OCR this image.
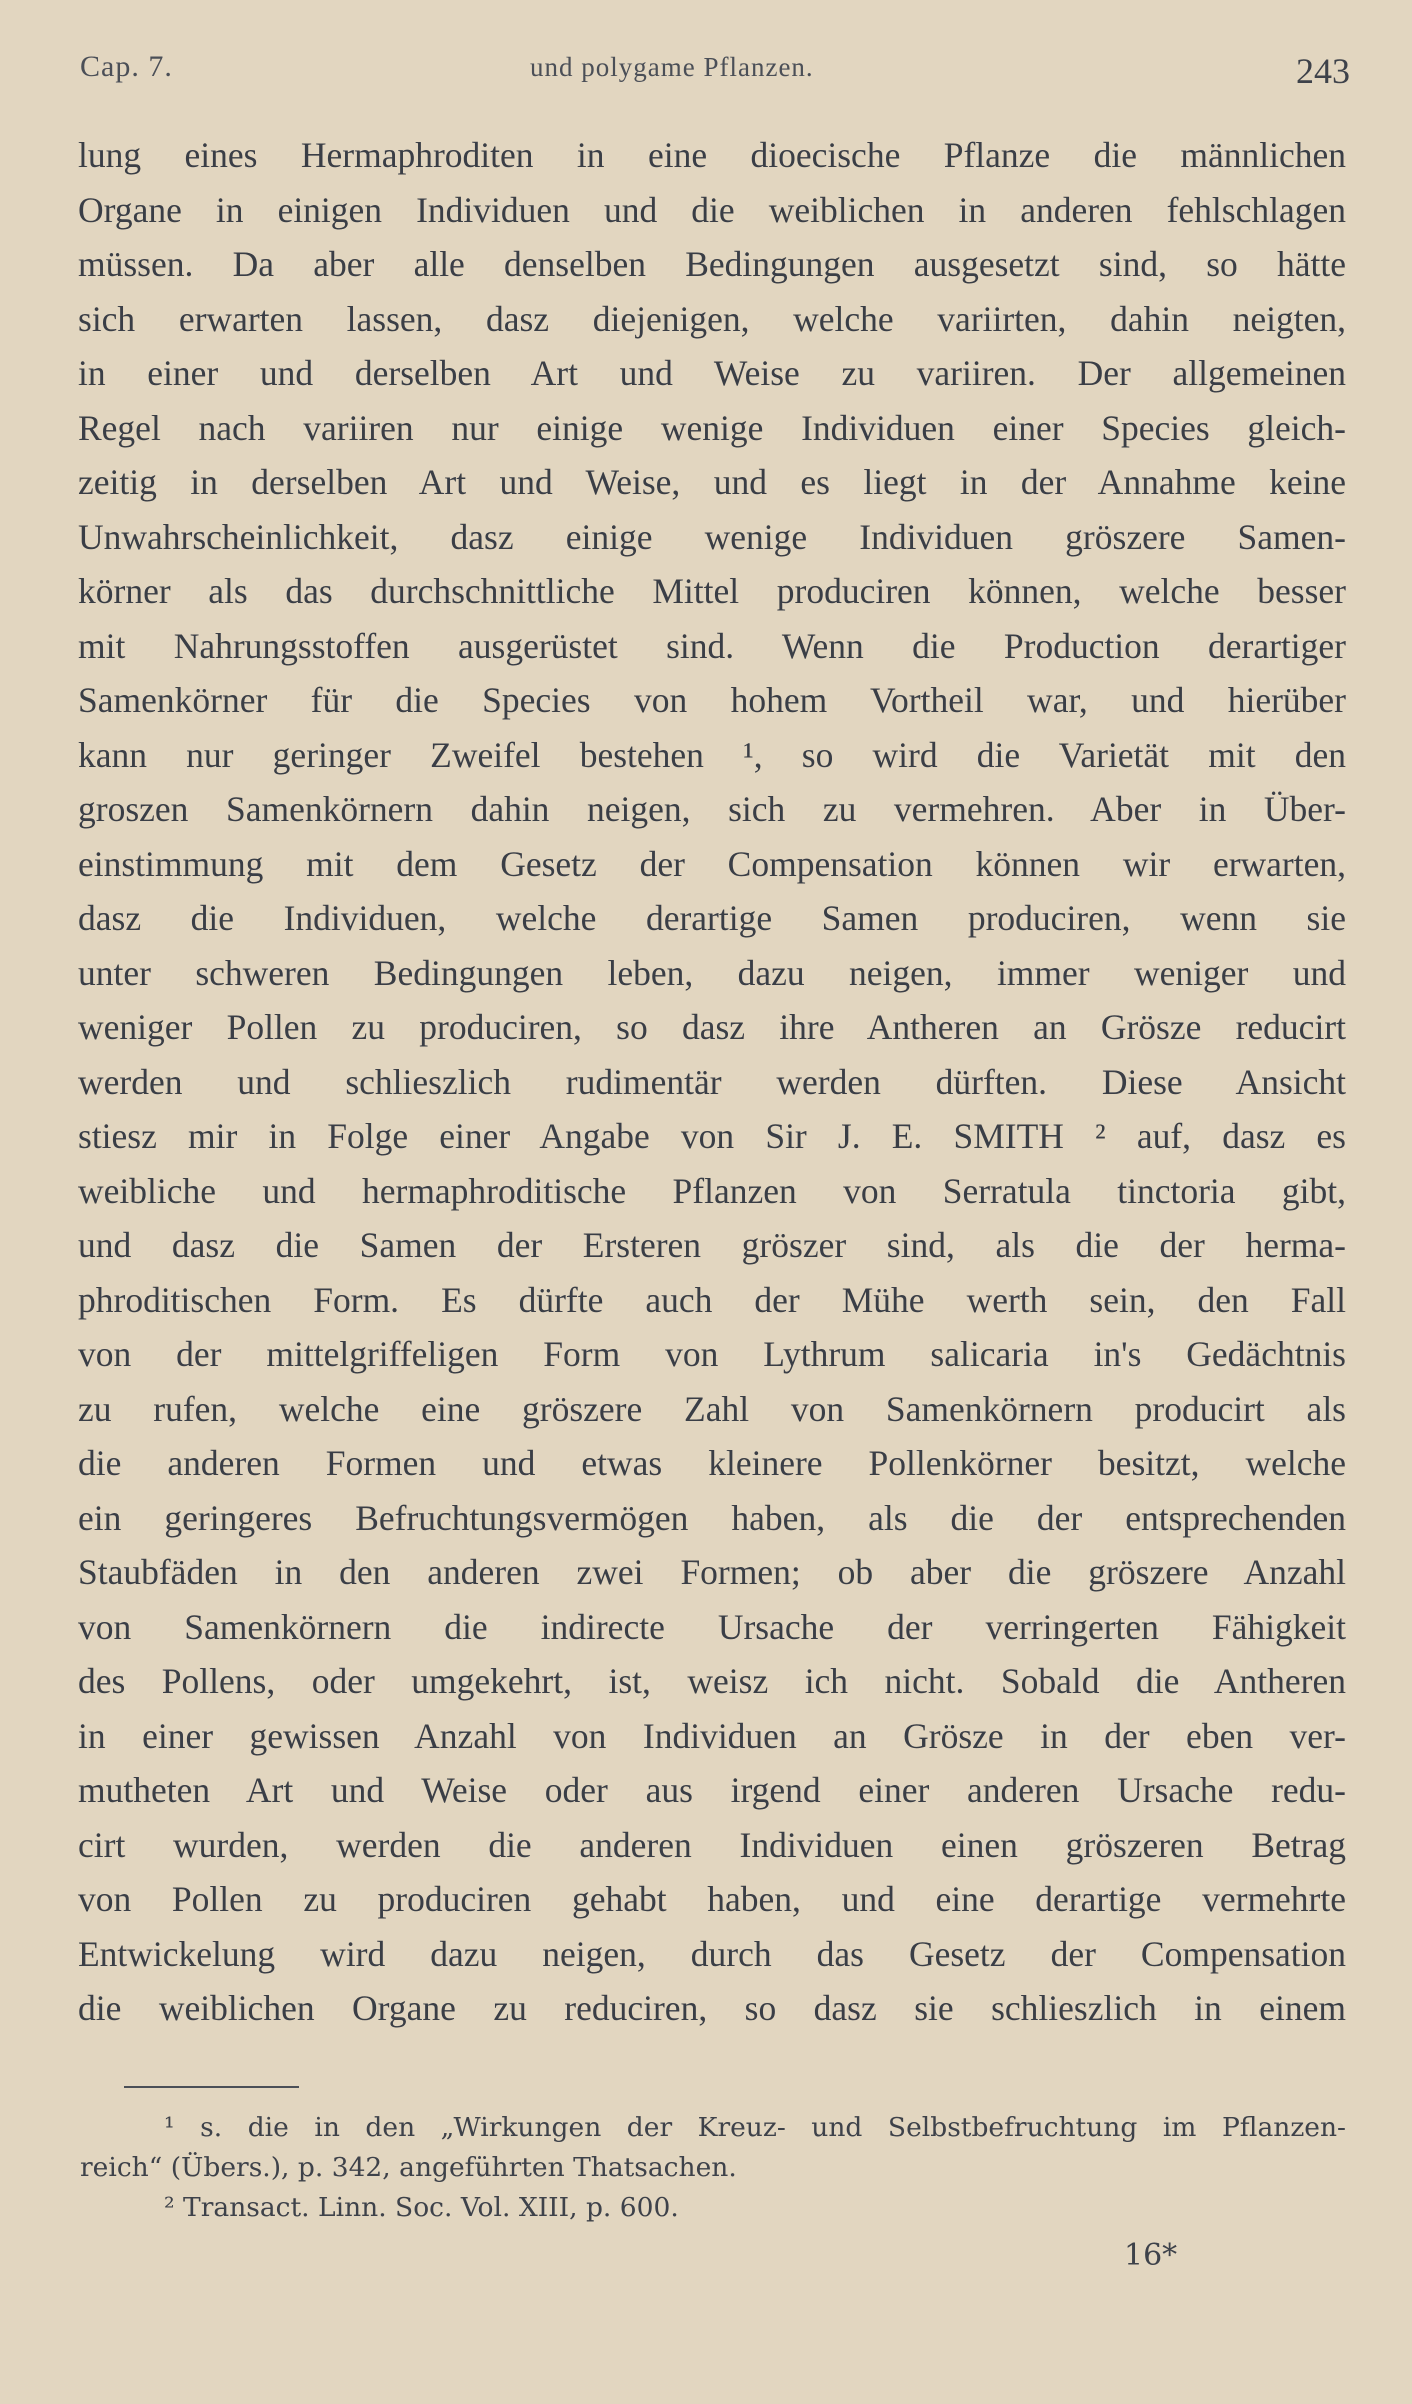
Cap. 7.	und polygame Pflanzen.	243
lung eines Hermaphroditen in eine dioecische Pflanze die männlichen
Organe in einigen Individuen und die weiblichen in anderen fehlschlagen
müssen. Da aber alle denselben Bedingungen ausgesetzt sind, so hätte
sich erwarten lassen, dasz diejenigen, welche variirten, dahin neigten,
in einer und derselben Art und Weise zu variiren. Der allgemeinen
Regel nach variiren nur einige wenige Individuen einer Species gleich-
zeitig in derselben Art und Weise, und es liegt in der Annahme keine
Unwahrscheinlichkeit, dasz einige wenige Individuen gröszere Samen-
körner als das durchschnittliche Mittel produciren können, welche besser
mit Nahrungsstoffen ausgerüstet sind. Wenn die Production derartiger
Samenkörner für die Species von hohem Vortheil war, und hierüber
kann nur geringer Zweifel bestehen ¹, so wird die Varietät mit den
groszen Samenkörnern dahin neigen, sich zu vermehren. Aber in Über-
einstimmung mit dem Gesetz der Compensation können wir erwarten,
dasz die Individuen, welche derartige Samen produciren, wenn sie
unter schweren Bedingungen leben, dazu neigen, immer weniger und
weniger Pollen zu produciren, so dasz ihre Antheren an Grösze reducirt
werden und schlieszlich rudimentär werden dürften. Diese Ansicht
stiesz mir in Folge einer Angabe von Sir J. E. SMITH ² auf, dasz es
weibliche und hermaphroditische Pflanzen von Serratula tinctoria gibt,
und dasz die Samen der Ersteren gröszer sind, als die der herma-
phroditischen Form. Es dürfte auch der Mühe werth sein, den Fall
von der mittelgriffeligen Form von Lythrum salicaria in's Gedächtnis
zu rufen, welche eine gröszere Zahl von Samenkörnern producirt als
die anderen Formen und etwas kleinere Pollenkörner besitzt, welche
ein geringeres Befruchtungsvermögen haben, als die der entsprechenden
Staubfäden in den anderen zwei Formen; ob aber die gröszere Anzahl
von Samenkörnern die indirecte Ursache der verringerten Fähigkeit
des Pollens, oder umgekehrt, ist, weisz ich nicht. Sobald die Antheren
in einer gewissen Anzahl von Individuen an Grösze in der eben ver-
mutheten Art und Weise oder aus irgend einer anderen Ursache redu-
cirt wurden, werden die anderen Individuen einen gröszeren Betrag
von Pollen zu produciren gehabt haben, und eine derartige vermehrte
Entwickelung wird dazu neigen, durch das Gesetz der Compensation
die weiblichen Organe zu reduciren, so dasz sie schlieszlich in einem
¹ s. die in den „Wirkungen der Kreuz- und Selbstbefruchtung im Pflanzen-
reich“ (Übers.), p. 342, angeführten Thatsachen.
² Transact. Linn. Soc. Vol. XIII, p. 600.
16*
